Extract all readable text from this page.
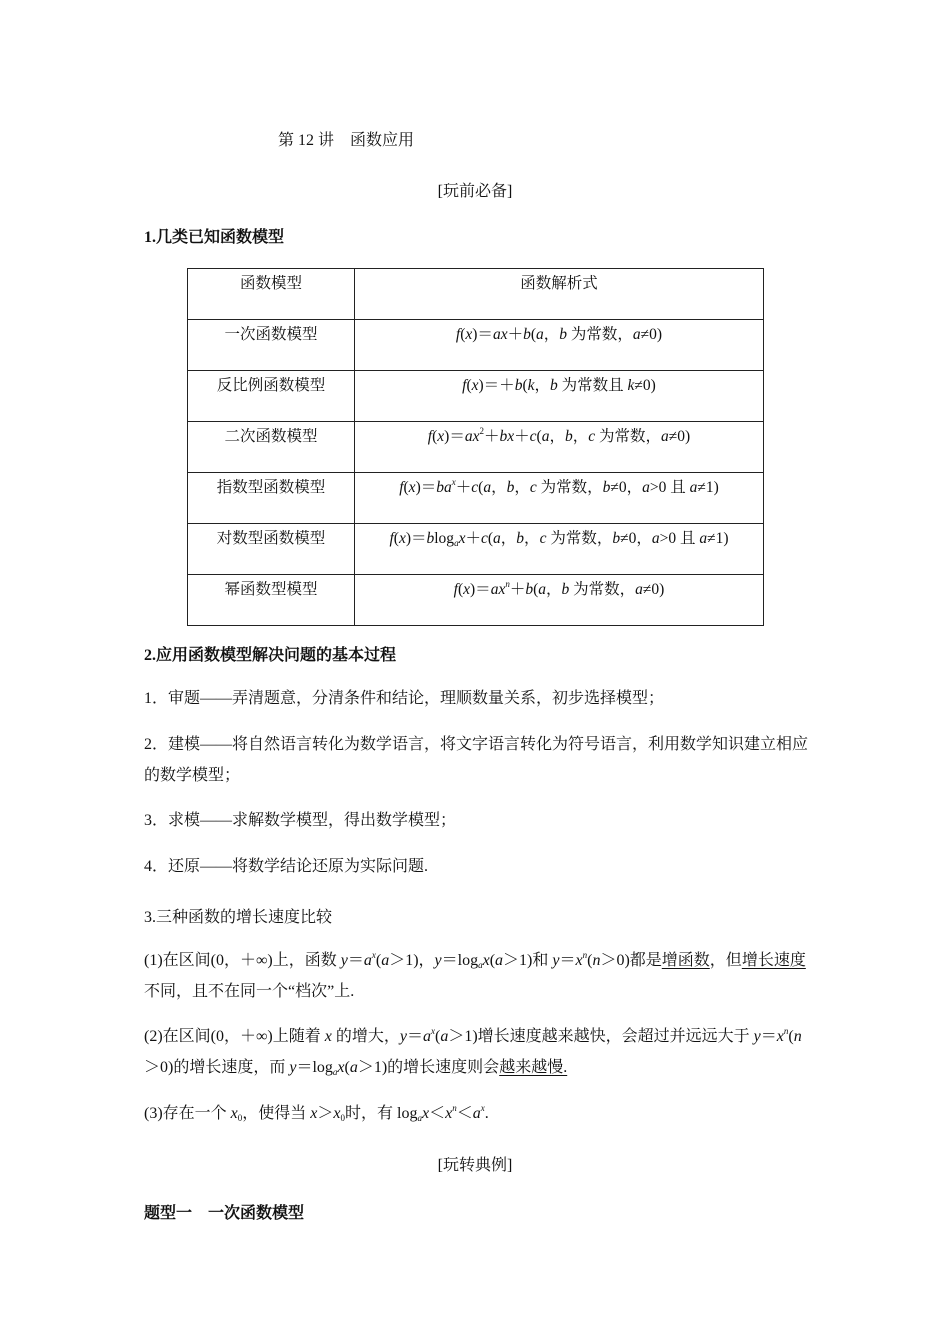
第 12 讲　函数应用
[玩前必备]
1.几类已知函数模型
函数模型	函数解析式
一次函数模型	f(x)＝ax＋b(a，b 为常数，a≠0)
反比例函数模型	f(x)＝＋b(k，b 为常数且 k≠0)
二次函数模型	$f(x)=ax^2+bx+c(a$，b，c 为常数，a≠0)
指数型函数模型	$f(x)=ba^x+c(a$，b，c 为常数，b≠0，a>0 且 a≠1)
对数型函数模型	f(x)＝blog$_a$x＋c(a，b，c 为常数，b≠0，a>0 且 a≠1)
幂函数型模型	$f(x)=ax^n+b(a$，b 为常数，a≠0)
2.应用函数模型解决问题的基本过程
1．审题——弄清题意，分清条件和结论，理顺数量关系，初步选择模型；
2．建模——将自然语言转化为数学语言，将文字语言转化为符号语言，利用数学知识建立相应的数学模型；
3．求模——求解数学模型，得出数学模型；
4．还原——将数学结论还原为实际问题.
3.三种函数的增长速度比较
(1)在区间(0，＋∞)上，函数 $y=a^x(a>1)$，$y=\log_ax(a>1)$和 $y=x^n(n>0)$都是增函数，但增长速度不同，且不在同一个“档次”上.
(2)在区间(0，＋∞)上随着 x 的增大，$y=a^x(a>1)$增长速度越来越快，会超过并远远大于 $y=x^n(n>0)$的增长速度，而 $y=\log_ax(a>1)$的增长速度则会越来越慢.
(3)存在一个 $x_0$，使得当 $x>x_0$时，有 $\log_ax<x^n<a^x$.
[玩转典例]
题型一　一次函数模型
